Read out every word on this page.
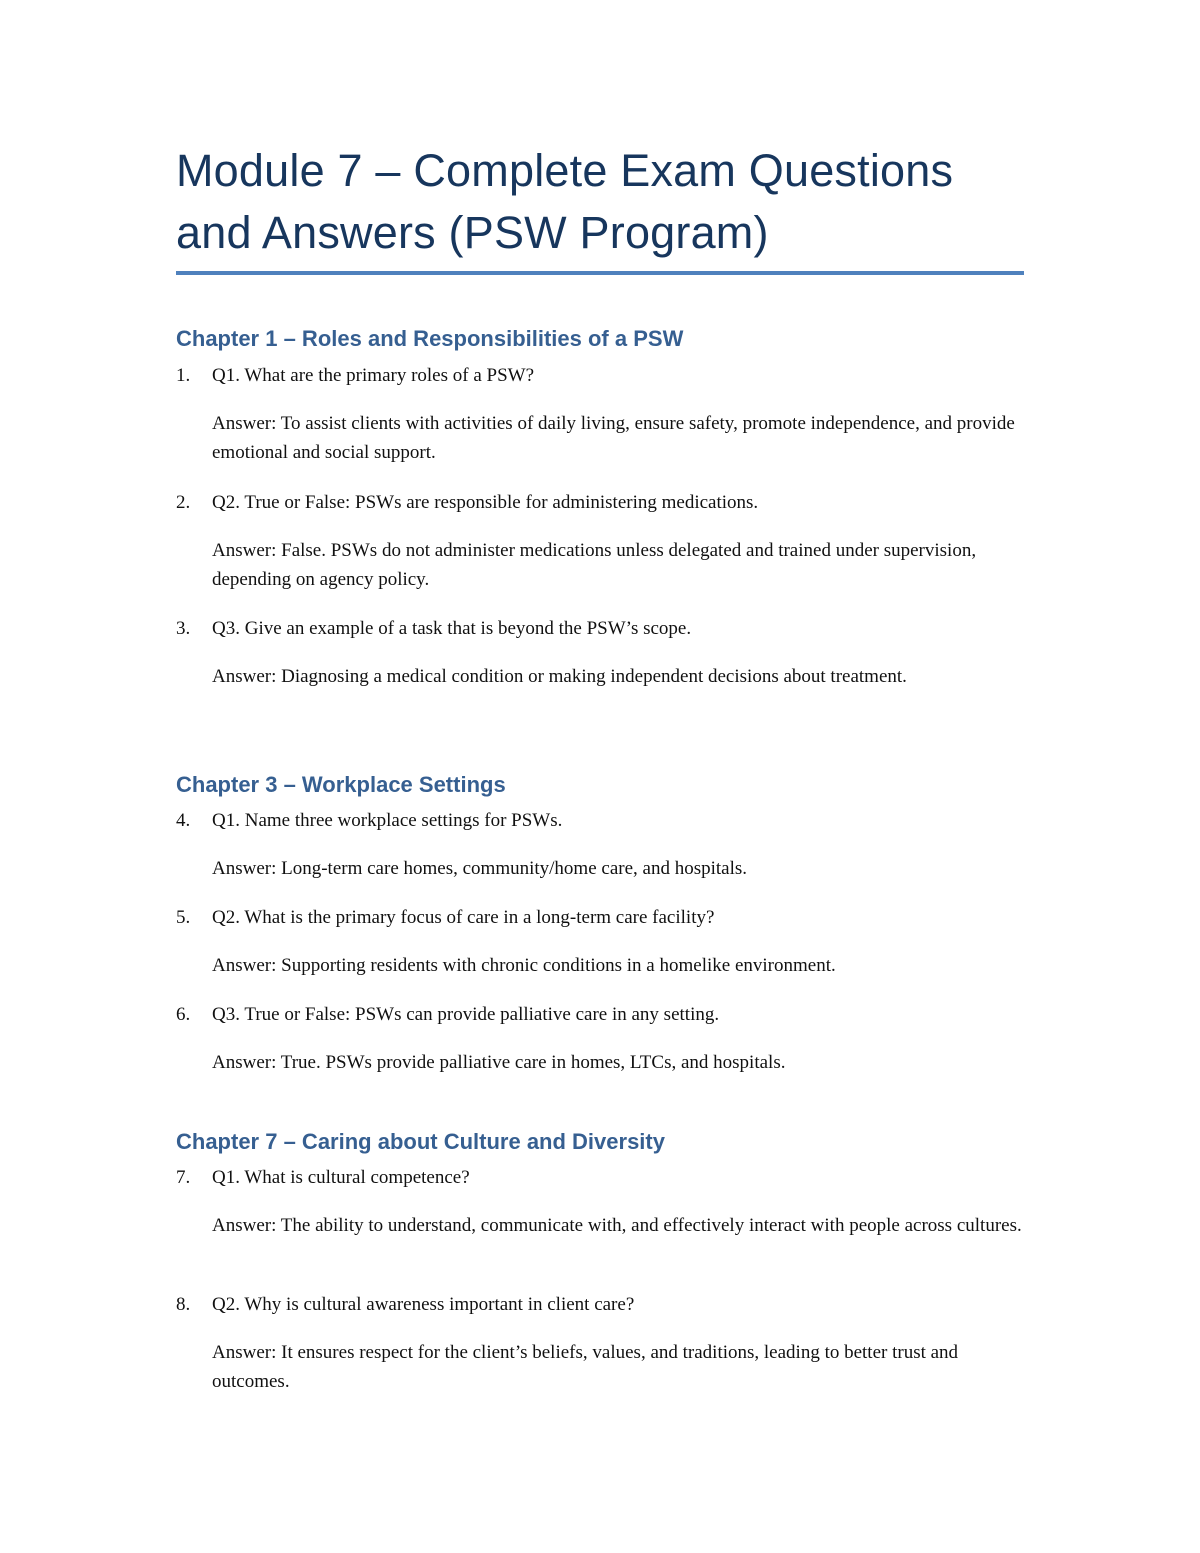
Module 7 – Complete Exam Questions and Answers (PSW Program)
Chapter 1 – Roles and Responsibilities of a PSW
1. Q1. What are the primary roles of a PSW?
Answer: To assist clients with activities of daily living, ensure safety, promote independence, and provide emotional and social support.
2. Q2. True or False: PSWs are responsible for administering medications.
Answer: False. PSWs do not administer medications unless delegated and trained under supervision, depending on agency policy.
3. Q3. Give an example of a task that is beyond the PSW’s scope.
Answer: Diagnosing a medical condition or making independent decisions about treatment.
Chapter 3 – Workplace Settings
4. Q1. Name three workplace settings for PSWs.
Answer: Long-term care homes, community/home care, and hospitals.
5. Q2. What is the primary focus of care in a long-term care facility?
Answer: Supporting residents with chronic conditions in a homelike environment.
6. Q3. True or False: PSWs can provide palliative care in any setting.
Answer: True. PSWs provide palliative care in homes, LTCs, and hospitals.
Chapter 7 – Caring about Culture and Diversity
7. Q1. What is cultural competence?
Answer: The ability to understand, communicate with, and effectively interact with people across cultures.
8. Q2. Why is cultural awareness important in client care?
Answer: It ensures respect for the client’s beliefs, values, and traditions, leading to better trust and outcomes.
